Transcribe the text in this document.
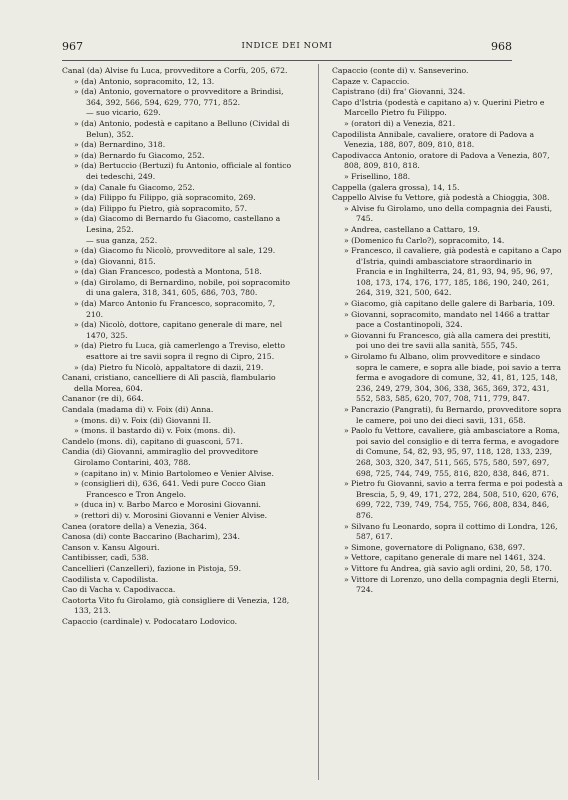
967	INDICE DEI NOMI	968

Canal (da) Alvise fu Luca, provveditore a Corfù, 205, 672.

» (da) Antonio, sopracomito, 12, 13.

» (da) Antonio, governatore o provveditore a Brindisi, 364, 392, 566, 594, 629, 770, 771, 852.

— suo vicario, 629.

» (da) Antonio, podestà e capitano a Belluno (Cividal di Belun), 352.

» (da) Bernardino, 318.

» (da) Bernardo fu Giacomo, 252.

» (da) Bertuccio (Bertuzi) fu Antonio, officiale al fontico dei tedeschi, 249.

» (da) Canale fu Giacomo, 252.

» (da) Filippo fu Filippo, già sopracomito, 269.

» (da) Filippo fu Pietro, già sopracomito, 57.

» (da) Giacomo di Bernardo fu Giacomo, castellano a Lesina, 252.

— sua ganza, 252.

» (da) Giacomo fu Nicolò, provveditore al sale, 129.

» (da) Giovanni, 815.

» (da) Gian Francesco, podestà a Montona, 518.

» (da) Girolamo, di Bernardino, nobile, poi sopracomito di una galera, 318, 341, 605, 686, 703, 780.

» (da) Marco Antonio fu Francesco, sopracomito, 7, 210.

» (da) Nicolò, dottore, capitano generale di mare, nel 1470, 325.

» (da) Pietro fu Luca, già camerlengo a Treviso, eletto esattore ai tre savii sopra il regno di Cipro, 215.

» (da) Pietro fu Nicolò, appaltatore di dazii, 219.

Canani, cristiano, cancelliere di Alì pascià, flambulario della Morea, 604.

Cananor (re di), 664.

Candala (madama di) v. Foix (di) Anna.

» (mons. di) v. Foix (di) Giovanni II.

» (mons. il bastardo di) v. Foix (mons. di).

Candelo (mons. di), capitano di guasconi, 571.

Candia (di) Giovanni, ammiraglio del provveditore Girolamo Contarini, 403, 788.

» (capitano in) v. Minio Bartolomeo e Venier Alvise.

» (consiglieri di), 636, 641. Vedi pure Cocco Gian Francesco e Tron Angelo.

» (duca in) v. Barbo Marco e Morosini Giovanni.

» (rettori di) v. Morosini Giovanni e Venier Alvise.

Canea (oratore della) a Venezia, 364.

Canosa (di) conte Baccarino (Bacharim), 234.

Canson v. Kansu Algouri.

Cantibisser, cadì, 538.

Cancellieri (Canzelleri), fazione in Pistoja, 59.

Caodilista v. Capodilista.

Cao di Vacha v. Capodivacca.

Caotorta Vito fu Girolamo, già consigliere di Venezia, 128, 133, 213.

Capaccio (cardinale) v. Podocataro Lodovico.

Capaccio (conte di) v. Sanseverino.

Capaze v. Capaccio.

Capistrano (di) fra' Giovanni, 324.

Capo d'Istria (podestà e capitano a) v. Querini Pietro e Marcello Pietro fu Filippo.

» (oratori di) a Venezia, 821.

Capodilista Annibale, cavaliere, oratore di Padova a Venezia, 188, 807, 809, 810, 818.

Capodivacca Antonio, oratore di Padova a Venezia, 807, 808, 809, 810, 818.

» Frisellino, 188.

Cappella (galera grossa), 14, 15.

Cappello Alvise fu Vettore, già podestà a Chioggia, 308.

» Alvise fu Girolamo, uno della compagnia dei Fausti, 745.

» Andrea, castellano a Cattaro, 19.

» (Domenico fu Carlo?), sopracomito, 14.

» Francesco, il cavaliere, già podestà e capitano a Capo d'Istria, quindi ambasciatore straordinario in Francia e in Inghilterra, 24, 81, 93, 94, 95, 96, 97, 108, 173, 174, 176, 177, 185, 186, 190, 240, 261, 264, 319, 321, 500, 642.

» Giacomo, già capitano delle galere di Barbaria, 109.

» Giovanni, sopracomito, mandato nel 1466 a trattar pace a Costantinopoli, 324.

» Giovanni fu Francesco, già alla camera dei prestiti, poi uno dei tre savii alla sanità, 555, 745.

» Girolamo fu Albano, olim provveditore e sindaco sopra le camere, e sopra alle biade, poi savio a terra ferma e avogadore di comune, 32, 41, 81, 125, 148, 236, 249, 279, 304, 306, 338, 365, 369, 372, 431, 552, 583, 585, 620, 707, 708, 711, 779, 847.

» Pancrazio (Pangrati), fu Bernardo, provveditore sopra le camere, poi uno dei dieci savii, 131, 658.

» Paolo fu Vettore, cavaliere, già ambasciatore a Roma, poi savio del consiglio e di terra ferma, e avogadore di Comune, 54, 82, 93, 95, 97, 118, 128, 133, 239, 268, 303, 320, 347, 511, 565, 575, 580, 597, 697, 698, 725, 744, 749, 755, 816, 820, 838, 846, 871.

» Pietro fu Giovanni, savio a terra ferma e poi podestà a Brescia, 5, 9, 49, 171, 272, 284, 508, 510, 620, 676, 699, 722, 739, 749, 754, 755, 766, 808, 834, 846, 876.

» Silvano fu Leonardo, sopra il cottimo di Londra, 126, 587, 617.

» Simone, governatore di Polignano, 638, 697.

» Vettore, capitano generale di mare nel 1461, 324.

» Vittore fu Andrea, già savio agli ordini, 20, 58, 170.

» Vittore di Lorenzo, uno della compagnia degli Eterni, 724.
